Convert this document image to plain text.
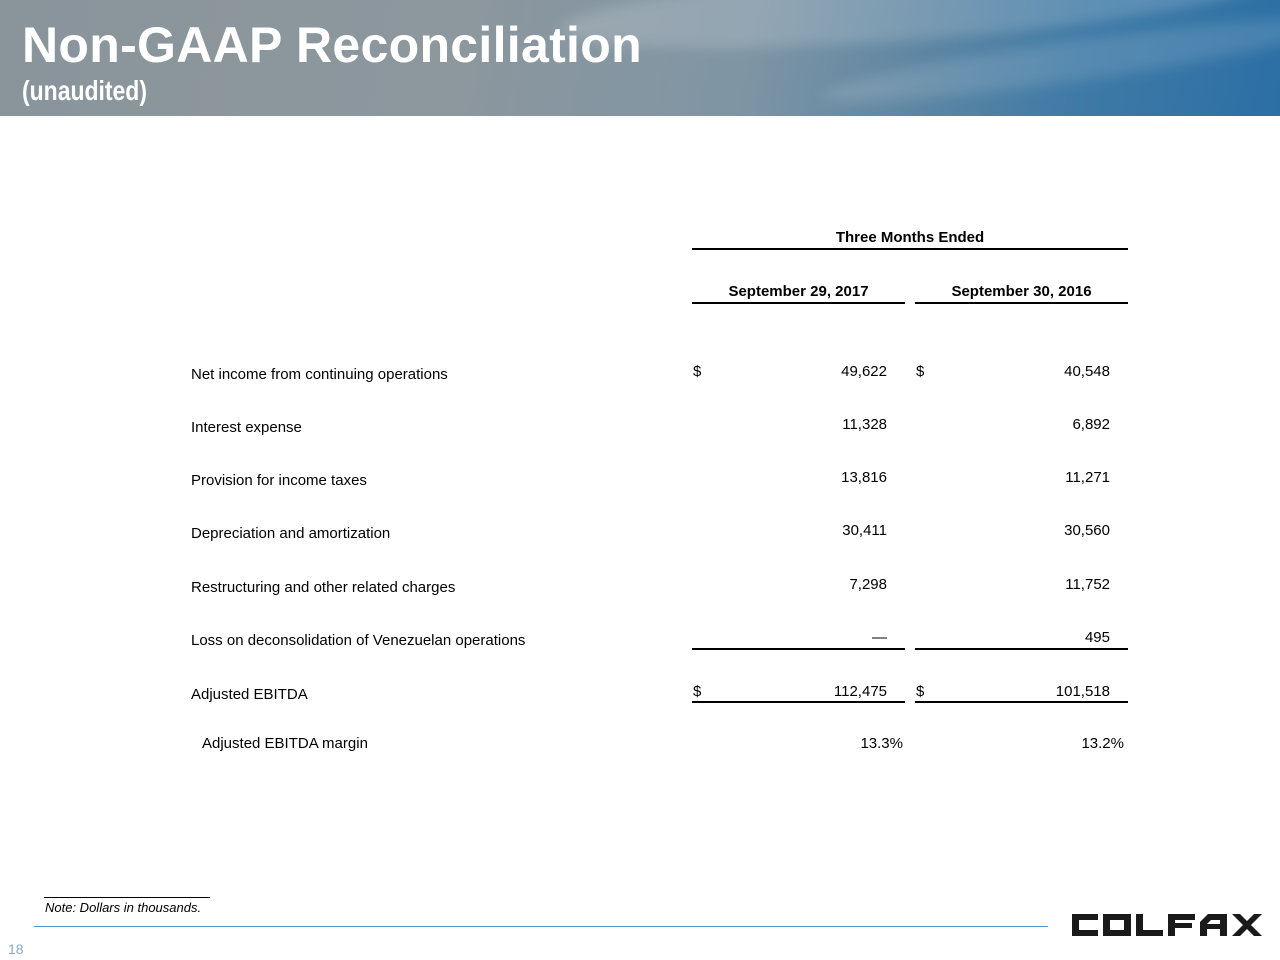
Non-GAAP Reconciliation
(unaudited)
Three Months Ended
September 29, 2017	September 30, 2016
Net income from continuing operations	$	49,622 $	40,548
Interest expense	11,328	6,892
Provision for income taxes	13,816	11,271
Depreciation and amortization	30,411	30,560
Restructuring and other related charges	7,298	11,752
Loss on deconsolidation of Venezuelan operations	—	495
Adjusted EBITDA	$	112,475 $	101,518
Adjusted EBITDA margin	13.3%	13.2%
Note: Dollars in thousands.
18
